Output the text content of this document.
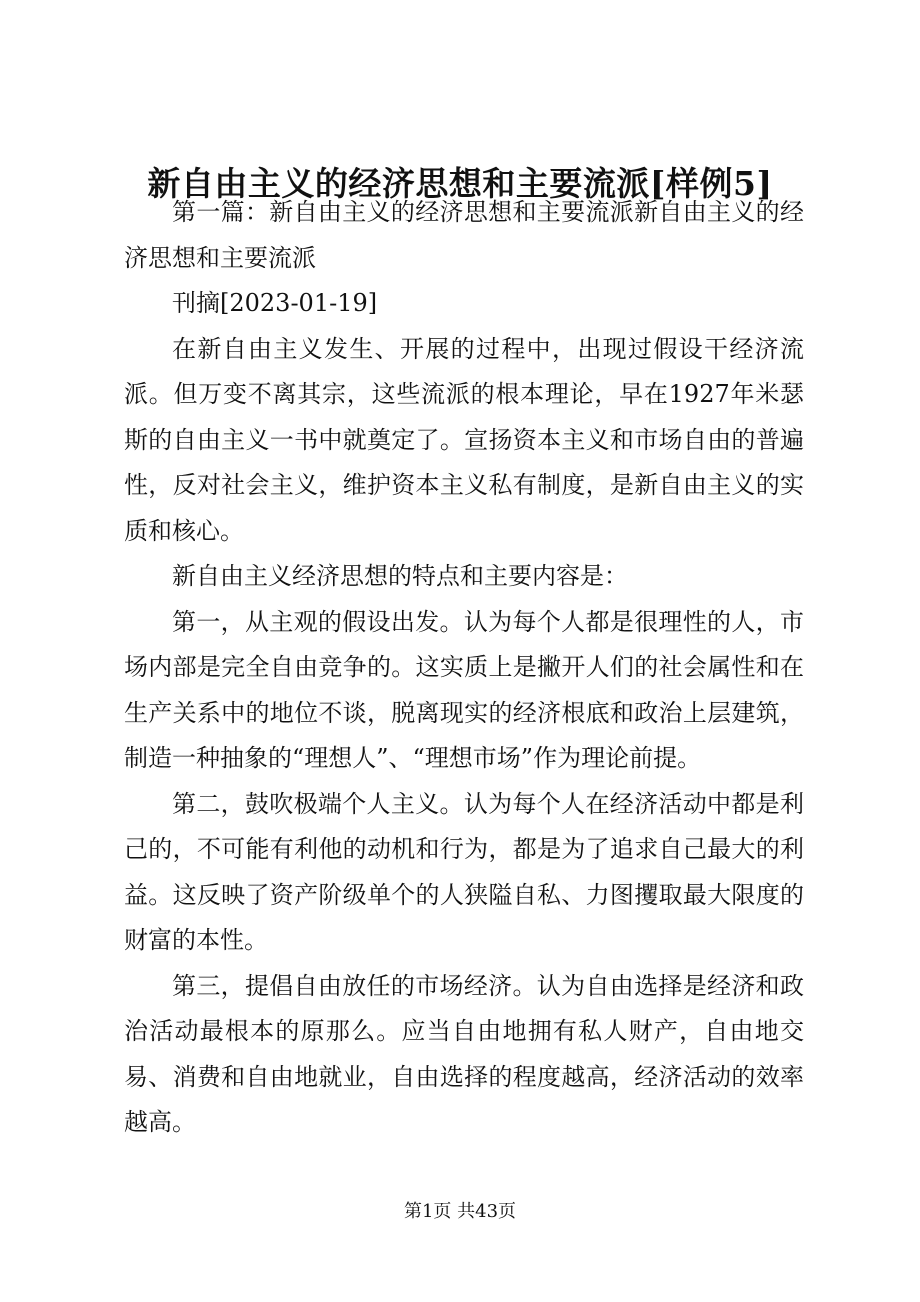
新自由主义的经济思想和主要流派[样例5]

第一篇：新自由主义的经济思想和主要流派新自由主义的经济思想和主要流派

刊摘[2023-01-19]

在新自由主义发生、开展的过程中，出现过假设干经济流派。但万变不离其宗，这些流派的根本理论，早在1927年米瑟斯的自由主义一书中就奠定了。宣扬资本主义和市场自由的普遍性，反对社会主义，维护资本主义私有制度，是新自由主义的实质和核心。

新自由主义经济思想的特点和主要内容是：

第一，从主观的假设出发。认为每个人都是很理性的人，市场内部是完全自由竞争的。这实质上是撇开人们的社会属性和在生产关系中的地位不谈，脱离现实的经济根底和政治上层建筑，制造一种抽象的“理想人”、“理想市场”作为理论前提。

第二，鼓吹极端个人主义。认为每个人在经济活动中都是利己的，不可能有利他的动机和行为，都是为了追求自己最大的利益。这反映了资产阶级单个的人狭隘自私、力图攫取最大限度的财富的本性。

第三，提倡自由放任的市场经济。认为自由选择是经济和政治活动最根本的原那么。应当自由地拥有私人财产，自由地交易、消费和自由地就业，自由选择的程度越高，经济活动的效率越高。

第1页 共43页
